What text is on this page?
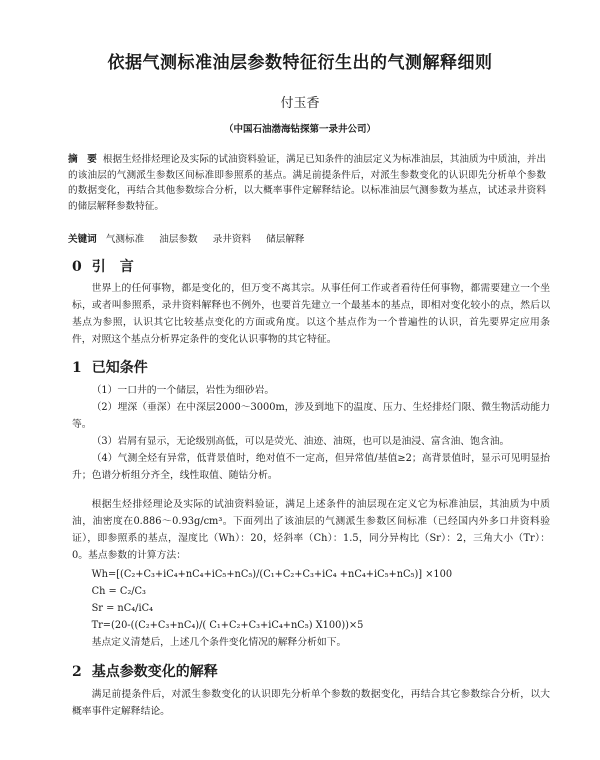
依据气测标准油层参数特征衍生出的气测解释细则
付玉香
（中国石油渤海钻探第一录井公司）
摘　要 根据生烃排烃理论及实际的试油资料验证，满足已知条件的油层定义为标准油层，其油质为中质油，并出的该油层的气测派生参数区间标准即参照系的基点。满足前提条件后，对派生参数变化的认识即先分析单个参数的数据变化，再结合其他参数综合分析，以大概率事件定解释结论。以标准油层气测参数为基点，试述录井资料的储层解释参数特征。
关键词 气测标准 油层参数 录井资料 储层解释
0 引　言
世界上的任何事物，都是变化的，但万变不离其宗。从事任何工作或者看待任何事物，都需要建立一个坐标，或者叫参照系，录井资料解释也不例外，也要首先建立一个最基本的基点，即相对变化较小的点，然后以基点为参照，认识其它比较基点变化的方面或角度。以这个基点作为一个普遍性的认识，首先要界定应用条件，对照这个基点分析界定条件的变化认识事物的其它特征。
1 已知条件

（1）一口井的一个储层，岩性为细砂岩。

（2）埋深（垂深）在中深层2000～3000m，涉及到地下的温度、压力、生烃排烃门限、微生物活动能力等。

（3）岩屑有显示，无论级别高低，可以是荧光、油迹、油斑，也可以是油浸、富含油、饱含油。

（4）气测全烃有异常，低背景值时，绝对值不一定高，但异常值/基值≥2；高背景值时，显示可见明显抬升；色谱分析组分齐全，线性取值、随钻分析。

根据生烃排烃理论及实际的试油资料验证，满足上述条件的油层现在定义它为标准油层，其油质为中质油，油密度在0.886～0.93g/cm³。下面列出了该油层的气测派生参数区间标准（已经国内外多口井资料验证），即参照系的基点，湿度比（Wh）：20，烃斜率（Ch）：1.5，同分异构比（Sr）：2，三角大小（Tr）：0。基点参数的计算方法：

Wh=[(C₂+C₃+iC₄+nC₄+iC₅+nC₅)/(C₁+C₂+C₃+iC₄ +nC₄+iC₅+nC₅)] ×100

Ch = C₂/C₃

Sr = nC₄/iC₄

Tr=(20-((C₂+C₃+nC₄)/( C₁+C₂+C₃+iC₄+nC₅) X100))×5

基点定义清楚后，上述几个条件变化情况的解释分析如下。

2 基点参数变化的解释
满足前提条件后，对派生参数变化的认识即先分析单个参数的数据变化，再结合其它参数综合分析，以大概率事件定解释结论。
